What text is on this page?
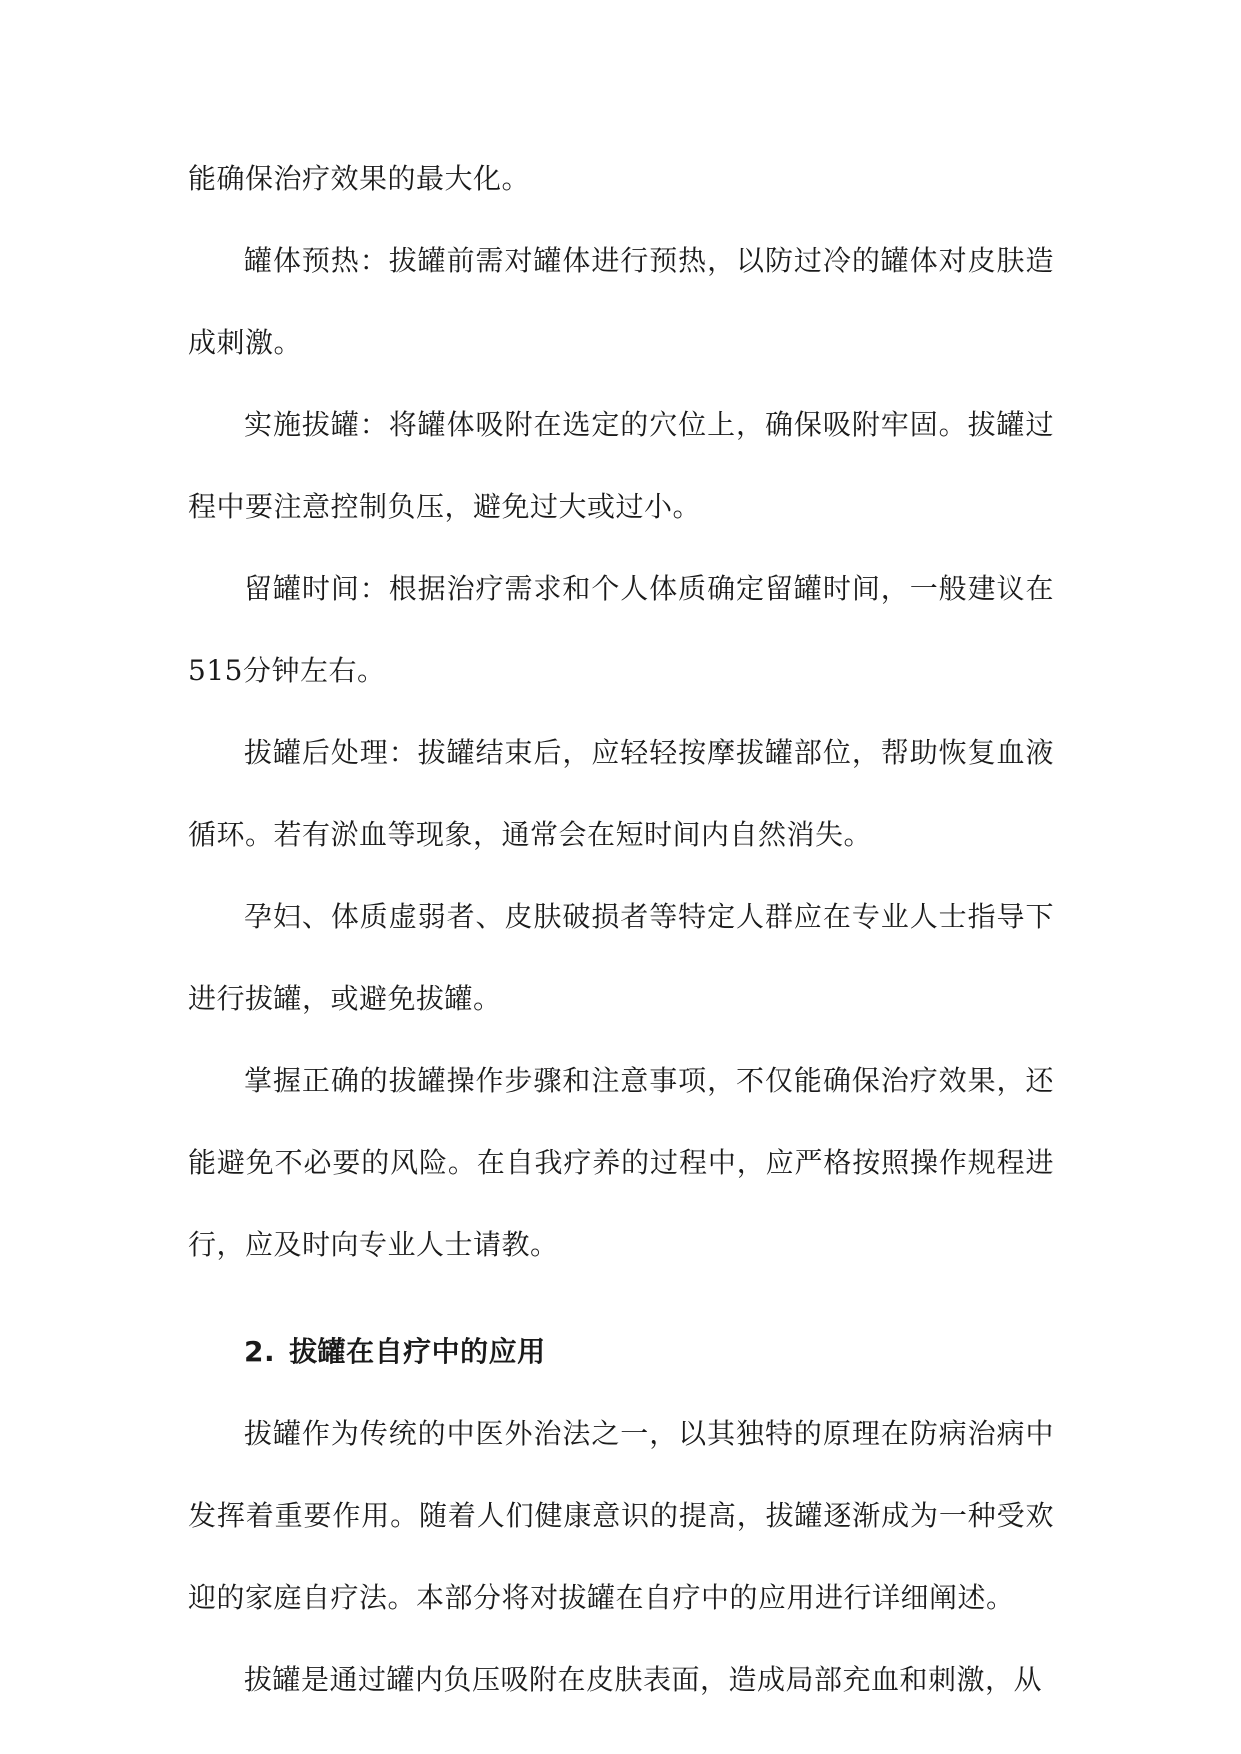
能确保治疗效果的最大化。

罐体预热：拔罐前需对罐体进行预热，以防过冷的罐体对皮肤造成刺激。

实施拔罐：将罐体吸附在选定的穴位上，确保吸附牢固。拔罐过程中要注意控制负压，避免过大或过小。

留罐时间：根据治疗需求和个人体质确定留罐时间，一般建议在515分钟左右。

拔罐后处理：拔罐结束后，应轻轻按摩拔罐部位，帮助恢复血液循环。若有淤血等现象，通常会在短时间内自然消失。

孕妇、体质虚弱者、皮肤破损者等特定人群应在专业人士指导下进行拔罐，或避免拔罐。

掌握正确的拔罐操作步骤和注意事项，不仅能确保治疗效果，还能避免不必要的风险。在自我疗养的过程中，应严格按照操作规程进行，应及时向专业人士请教。

2. 拔罐在自疗中的应用

拔罐作为传统的中医外治法之一，以其独特的原理在防病治病中发挥着重要作用。随着人们健康意识的提高，拔罐逐渐成为一种受欢迎的家庭自疗法。本部分将对拔罐在自疗中的应用进行详细阐述。

拔罐是通过罐内负压吸附在皮肤表面，造成局部充血和刺激，从
